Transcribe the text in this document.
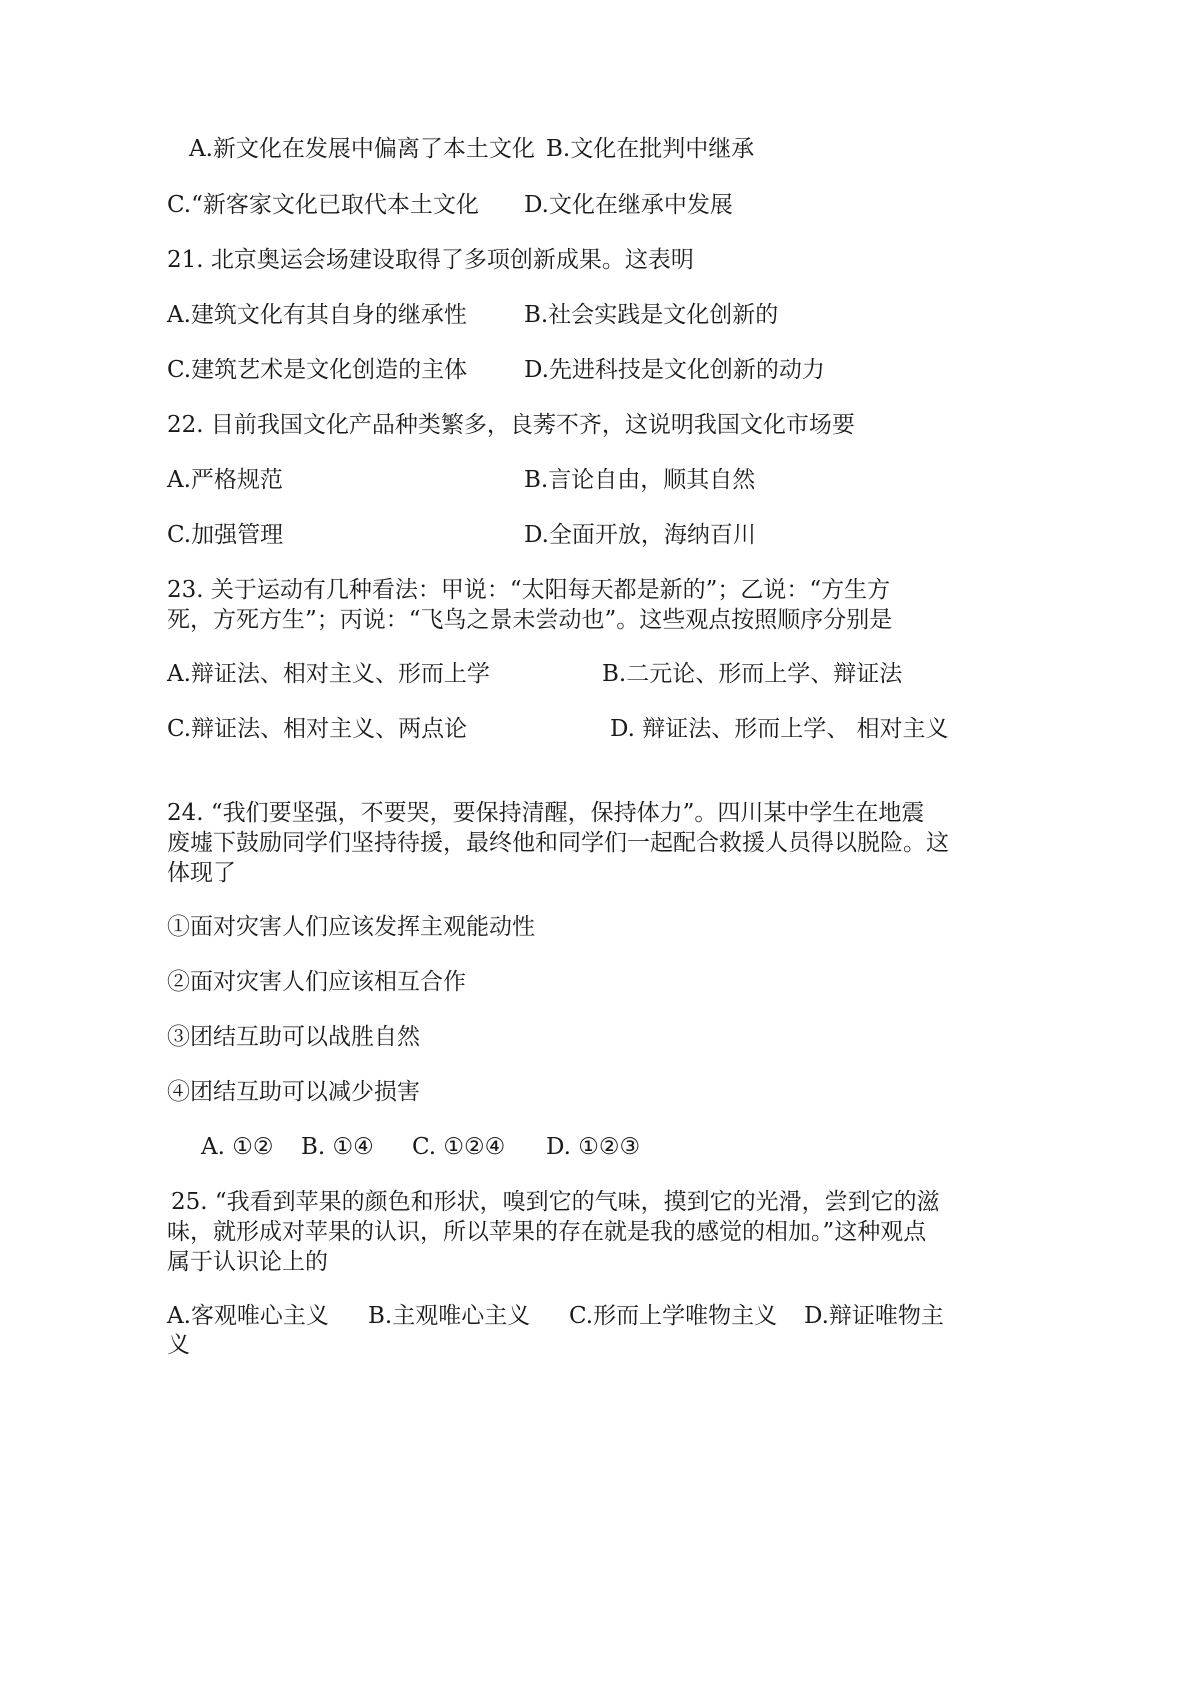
A.新文化在发展中偏离了本土文化 B.文化在批判中继承
C.“新客家文化已取代本土文化 D.文化在继承中发展
21. 北京奥运会场建设取得了多项创新成果。这表明
A.建筑文化有其自身的继承性 B.社会实践是文化创新的
C.建筑艺术是文化创造的主体 D.先进科技是文化创新的动力
22. 目前我国文化产品种类繁多，良莠不齐，这说明我国文化市场要
A.严格规范	B.言论自由，顺其自然
C.加强管理	D.全面开放，海纳百川
23. 关于运动有几种看法：甲说：“太阳每天都是新的”；乙说：“方生方
死，方死方生”；丙说：“飞鸟之景未尝动也”。这些观点按照顺序分别是
A.辩证法、相对主义、形而上学	B.二元论、形而上学、辩证法
C.辩证法、相对主义、两点论	D. 辩证法、形而上学、 相对主义
24. “我们要坚强，不要哭，要保持清醒，保持体力”。四川某中学生在地震
废墟下鼓励同学们坚持待援，最终他和同学们一起配合救援人员得以脱险。这
体现了
①面对灾害人们应该发挥主观能动性
②面对灾害人们应该相互合作
③团结互助可以战胜自然
④团结互助可以减少损害
A. ①② B. ①④ C. ①②④ D. ①②③
25. “我看到苹果的颜色和形状，嗅到它的气味，摸到它的光滑，尝到它的滋
味，就形成对苹果的认识，所以苹果的存在就是我的感觉的相加。”这种观点
属于认识论上的
A.客观唯心主义 B.主观唯心主义 C.形而上学唯物主义 D.辩证唯物主
义
